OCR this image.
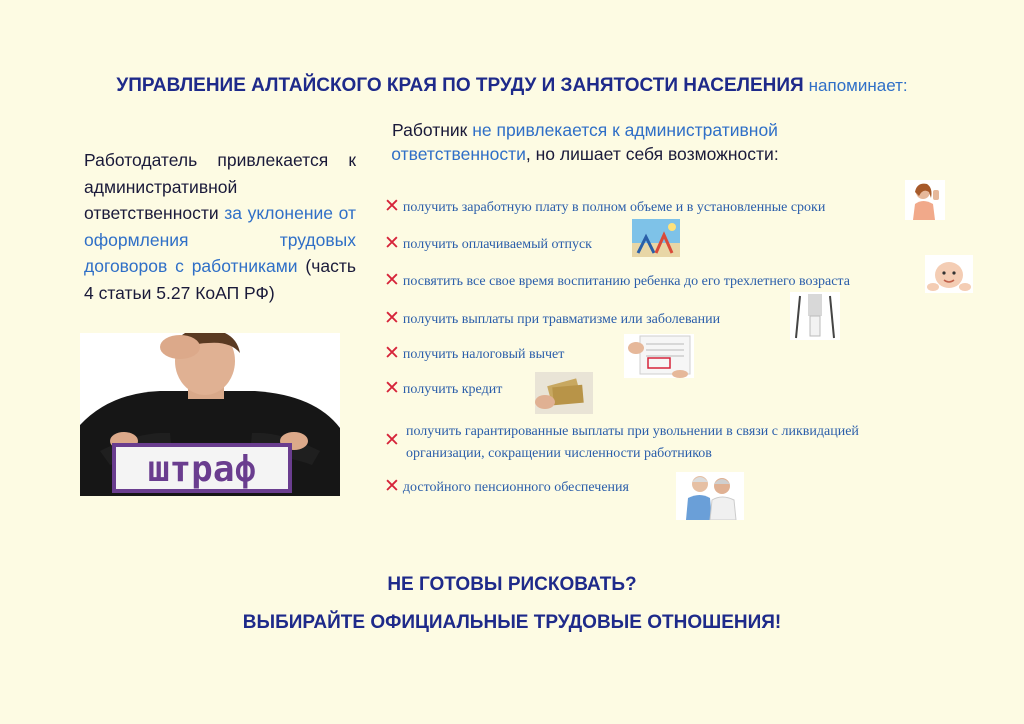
УПРАВЛЕНИЕ АЛТАЙСКОГО КРАЯ ПО ТРУДУ И ЗАНЯТОСТИ НАСЕЛЕНИЯ напоминает:
Работодатель привлекается к административной ответственности за уклонение от оформления трудовых договоров с работниками (часть 4 статьи 5.27 КоАП РФ)
штраф
Работник не привлекается к административной ответственности, но лишает себя возможности:
✕ получить заработную плату в полном объеме и в установленные сроки
✕ получить оплачиваемый отпуск
✕ посвятить все свое время воспитанию ребенка до его трехлетнего возраста
✕ получить выплаты при травматизме или заболевании
✕ получить налоговый вычет
✕ получить кредит
✕ получить гарантированные выплаты при увольнении в связи с ликвидацией
организации, сокращении численности работников
✕ достойного пенсионного обеспечения
НЕ ГОТОВЫ РИСКОВАТЬ?
ВЫБИРАЙТЕ ОФИЦИАЛЬНЫЕ ТРУДОВЫЕ ОТНОШЕНИЯ!
